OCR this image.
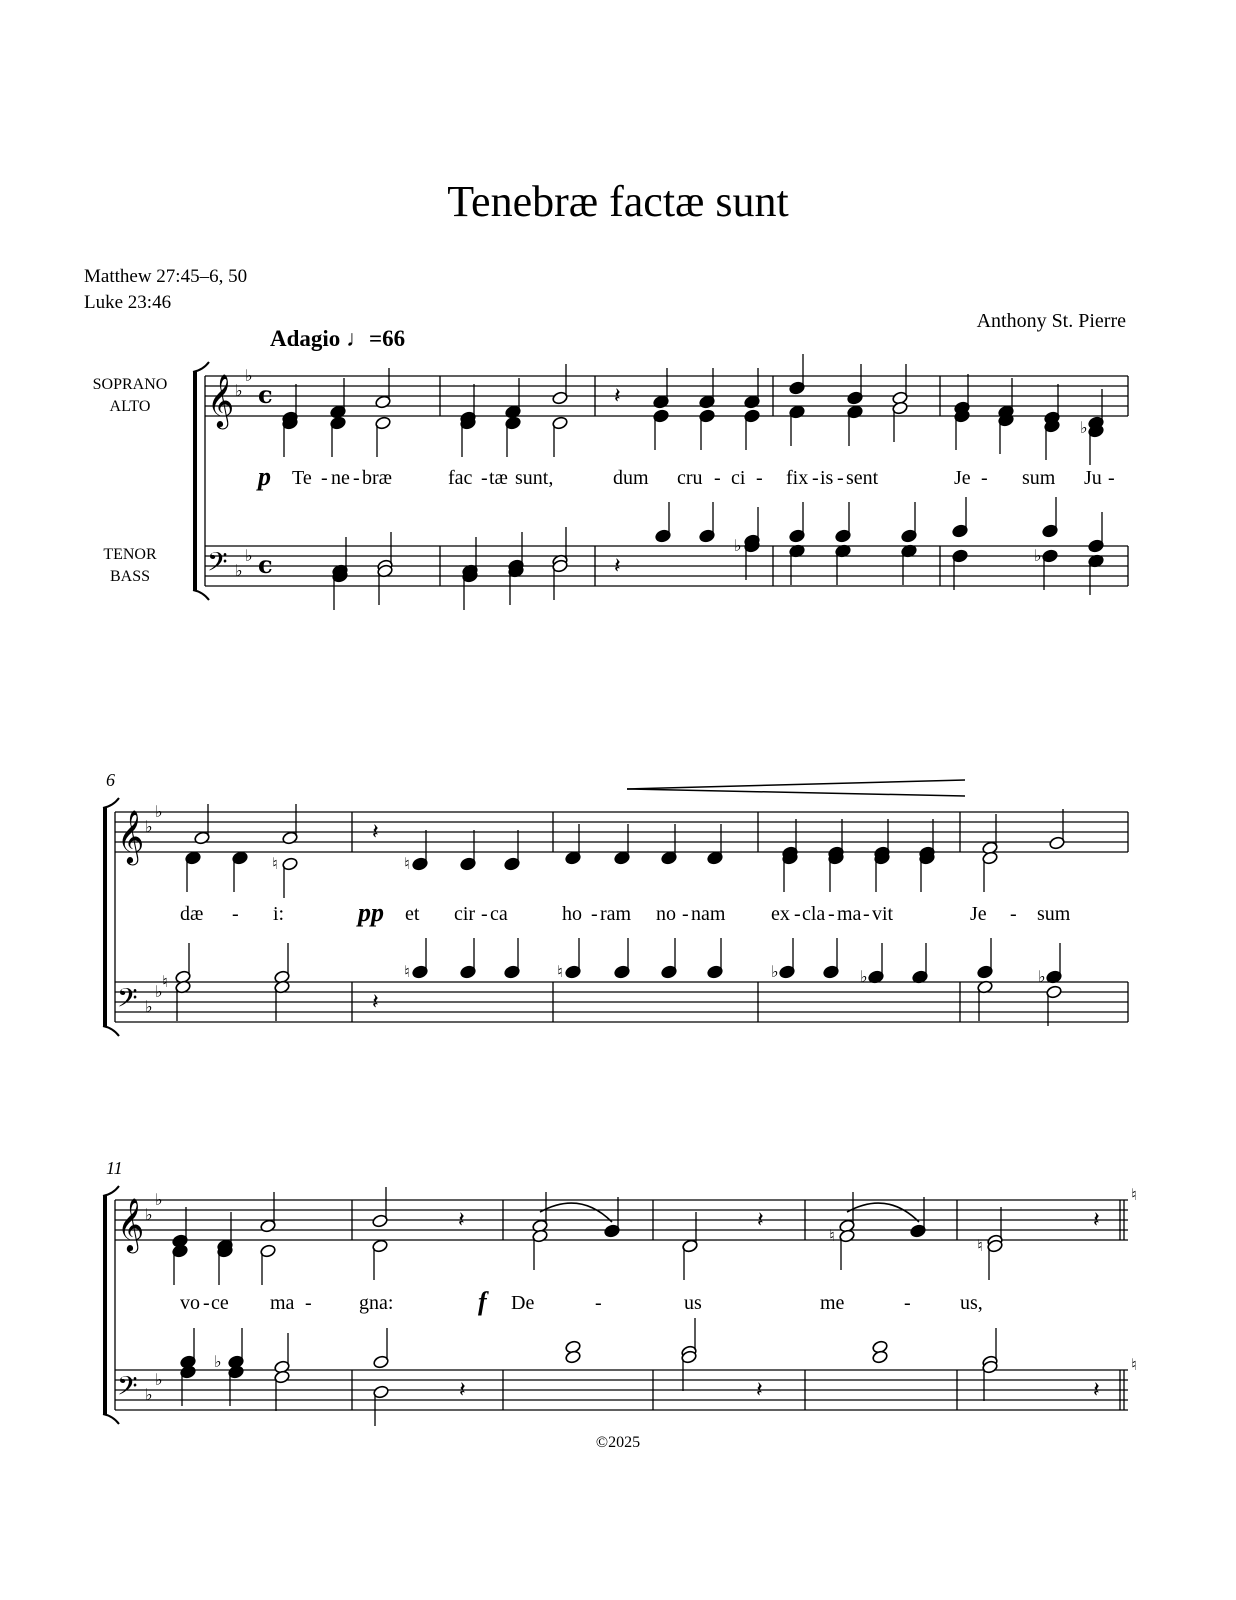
Tenebræ factæ sunt
Matthew 27:45–6, 50
Luke 23:46
Anthony St. Pierre
Adagio ♩=66
SOPRANO
ALTO
TENOR
BASS
6
11
p
pp
f
Te - ne - bræ	fac - tæ sunt,	dum cru - ci - fix - is - sent	Je - sum Ju -
dæ - i:	et cir - ca	ho - ram no - nam ex - cla - ma - vit	Je - sum
vo - ce ma - gna:	De	-	us	me	- us,
©2025
𝄞
𝄢
♭
♭
♭
♭
c
c
𝄽
♭
𝄽
♭
♭
𝄞
𝄢
♭
♭
♭
♭
♮
𝄽
♮
♮
𝄽
♮	♮	♭	♭	♭
𝄞
𝄢
♭
♭
♭
♭
𝄽	𝄽
♮
♮
𝄽
♭
𝄽	𝄽	𝄽
♮
♮
